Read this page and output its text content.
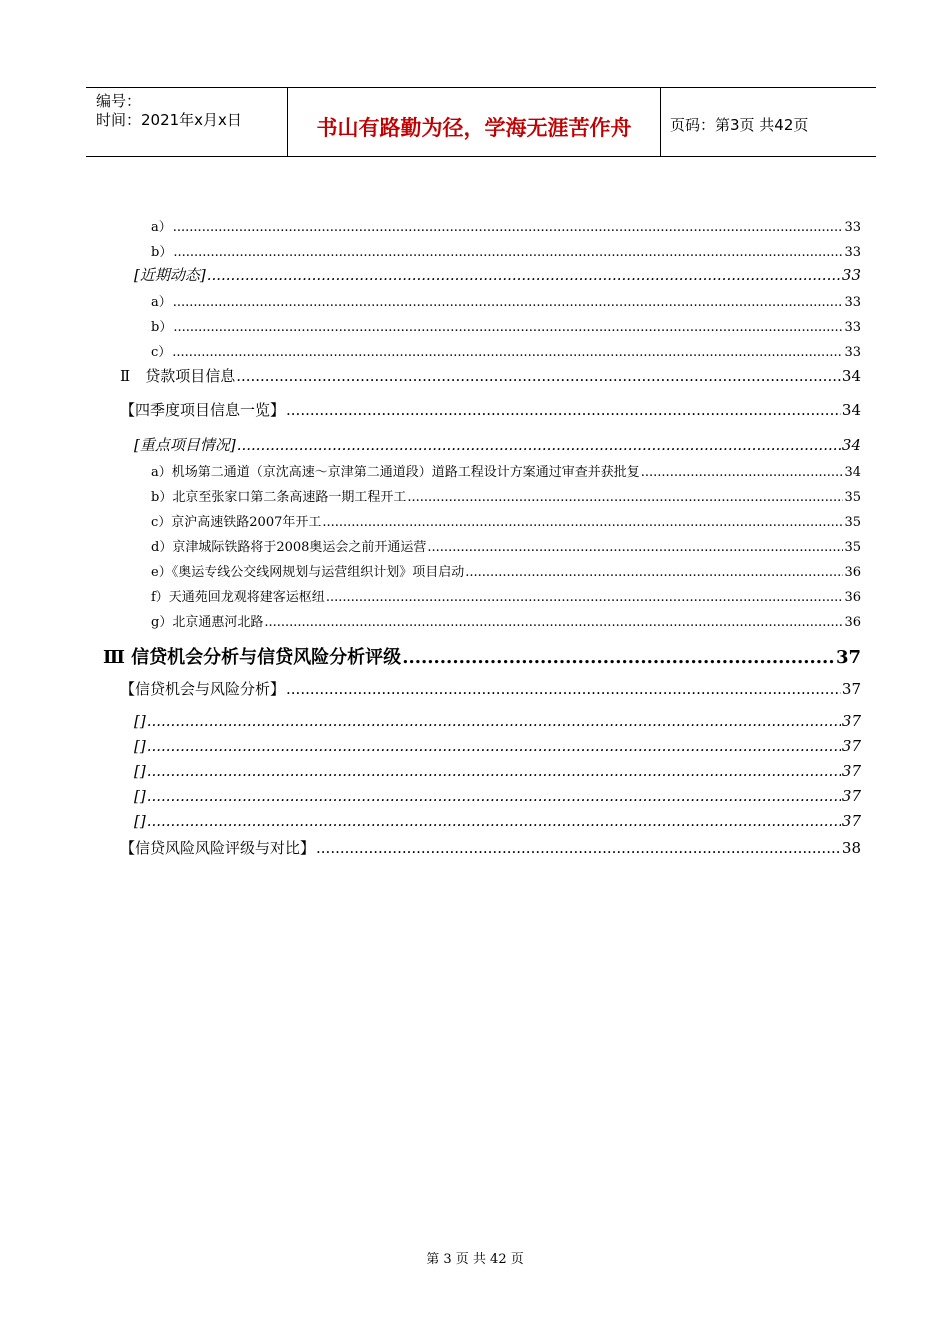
编号：
时间：2021年x月x日	书山有路勤为径，学海无涯苦作舟	页码：第3页 共42页
a） .....	33
b） .....	33
[近期动态] .....	33
a） .....	33
b） .....	33
c） .....	33
Ⅱ　贷款项目信息 .....	34
【四季度项目信息一览】 .....	34
[重点项目情况] .....	34
a）机场第二通道（京沈高速～京津第二通道段）道路工程设计方案通过审查并获批复 .....	34
b）北京至张家口第二条高速路一期工程开工 .....	35
c）京沪高速铁路2007年开工 .....	35
d）京津城际铁路将于2008奥运会之前开通运营 .....	35
e）《奥运专线公交线网规划与运营组织计划》项目启动 .....	36
f）天通苑回龙观将建客运枢纽 .....	36
g）北京通惠河北路 .....	36
Ⅲ 信贷机会分析与信贷风险分析评级 .....	37
【信贷机会与风险分析】 .....	37
[] .....	37
[] .....	37
[] .....	37
[] .....	37
[] .....	37
【信贷风险风险评级与对比】 .....	38
第 3 页 共 42 页
